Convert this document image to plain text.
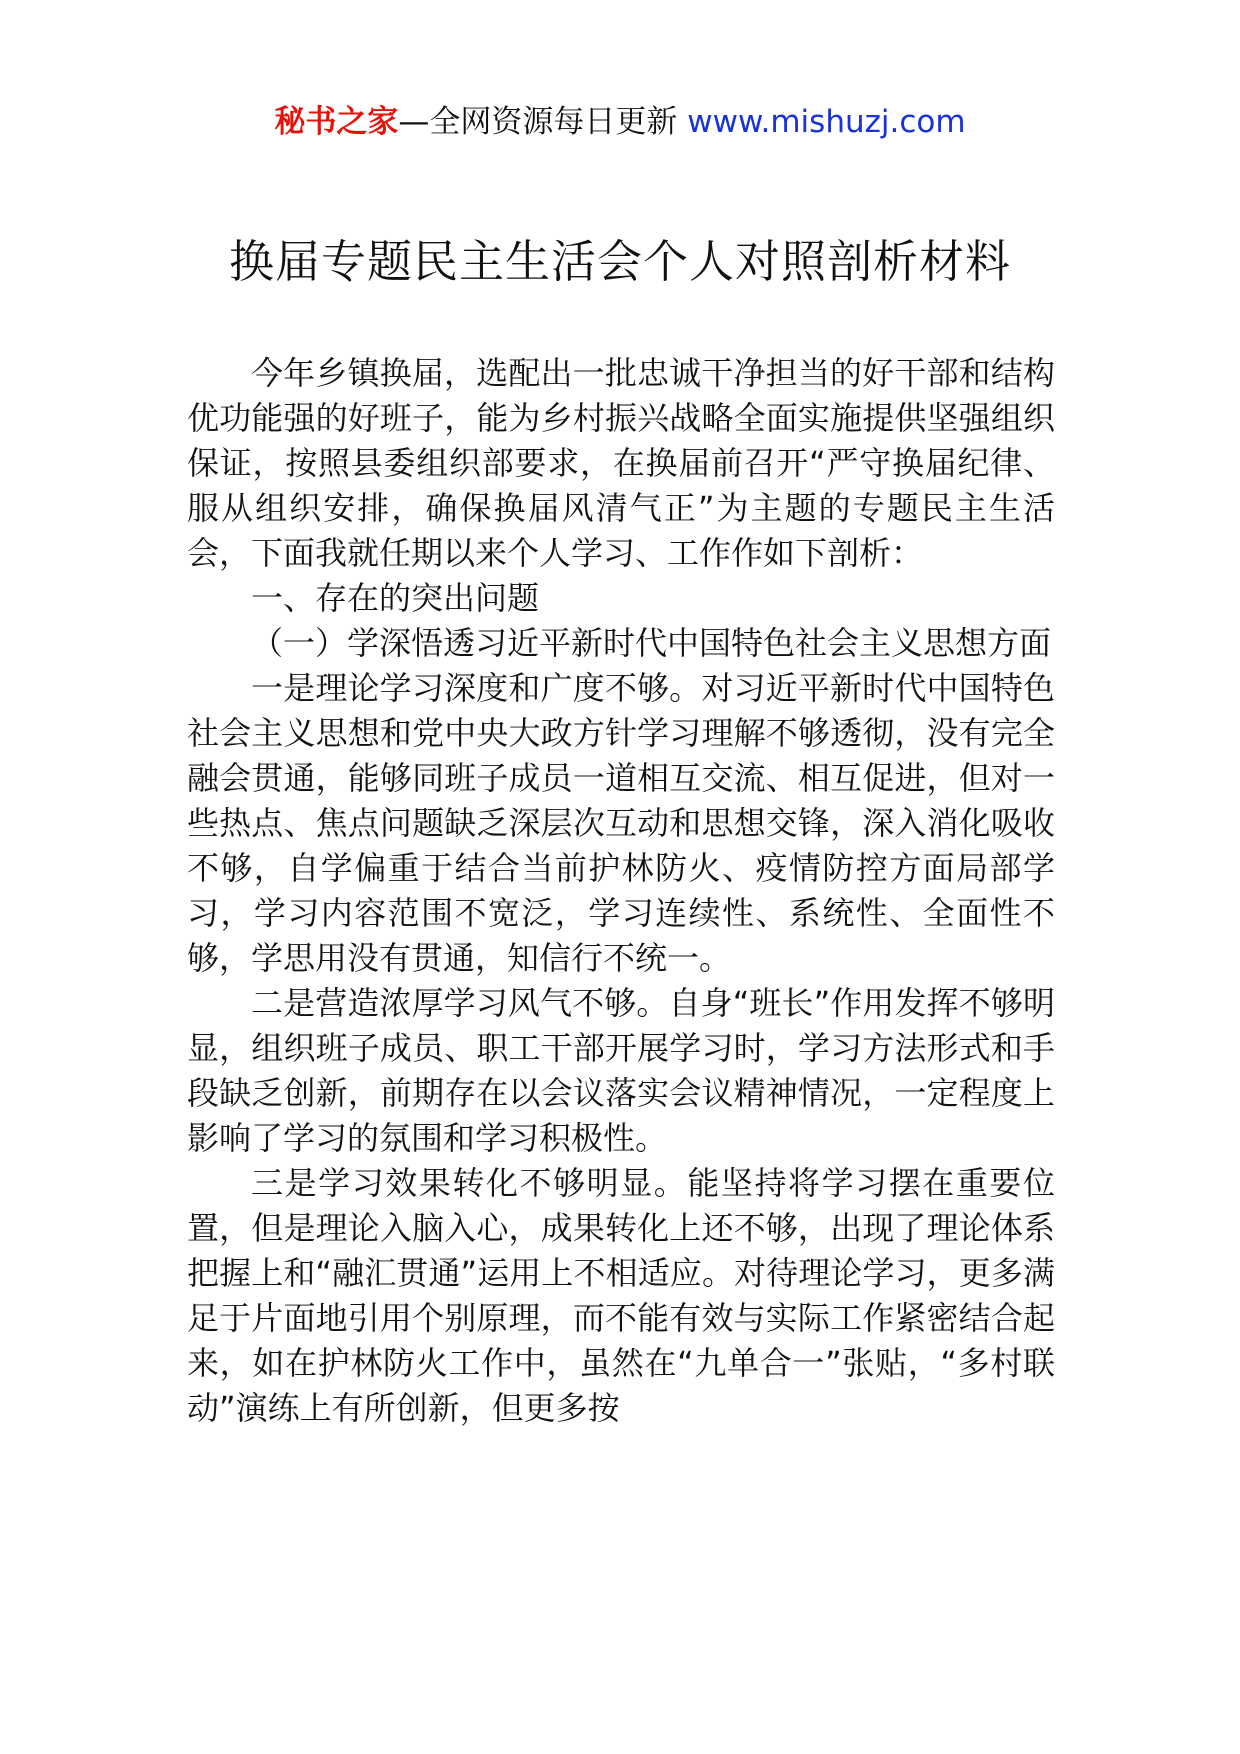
秘书之家—全网资源每日更新 www.mishuzj.com
换届专题民主生活会个人对照剖析材料

今年乡镇换届，选配出一批忠诚干净担当的好干部和结构优功能强的好班子，能为乡村振兴战略全面实施提供坚强组织保证，按照县委组织部要求，在换届前召开“严守换届纪律、服从组织安排，确保换届风清气正”为主题的专题民主生活会，下面我就任期以来个人学习、工作作如下剖析：

一、存在的突出问题

（一）学深悟透习近平新时代中国特色社会主义思想方面

一是理论学习深度和广度不够。对习近平新时代中国特色社会主义思想和党中央大政方针学习理解不够透彻，没有完全融会贯通，能够同班子成员一道相互交流、相互促进，但对一些热点、焦点问题缺乏深层次互动和思想交锋，深入消化吸收不够，自学偏重于结合当前护林防火、疫情防控方面局部学习，学习内容范围不宽泛，学习连续性、系统性、全面性不够，学思用没有贯通，知信行不统一。

二是营造浓厚学习风气不够。自身“班长”作用发挥不够明显，组织班子成员、职工干部开展学习时，学习方法形式和手段缺乏创新，前期存在以会议落实会议精神情况，一定程度上影响了学习的氛围和学习积极性。

三是学习效果转化不够明显。能坚持将学习摆在重要位置，但是理论入脑入心，成果转化上还不够，出现了理论体系把握上和“融汇贯通”运用上不相适应。对待理论学习，更多满足于片面地引用个别原理，而不能有效与实际工作紧密结合起来，如在护林防火工作中，虽然在“九单合一”张贴，“多村联动”演练上有所创新，但更多按
